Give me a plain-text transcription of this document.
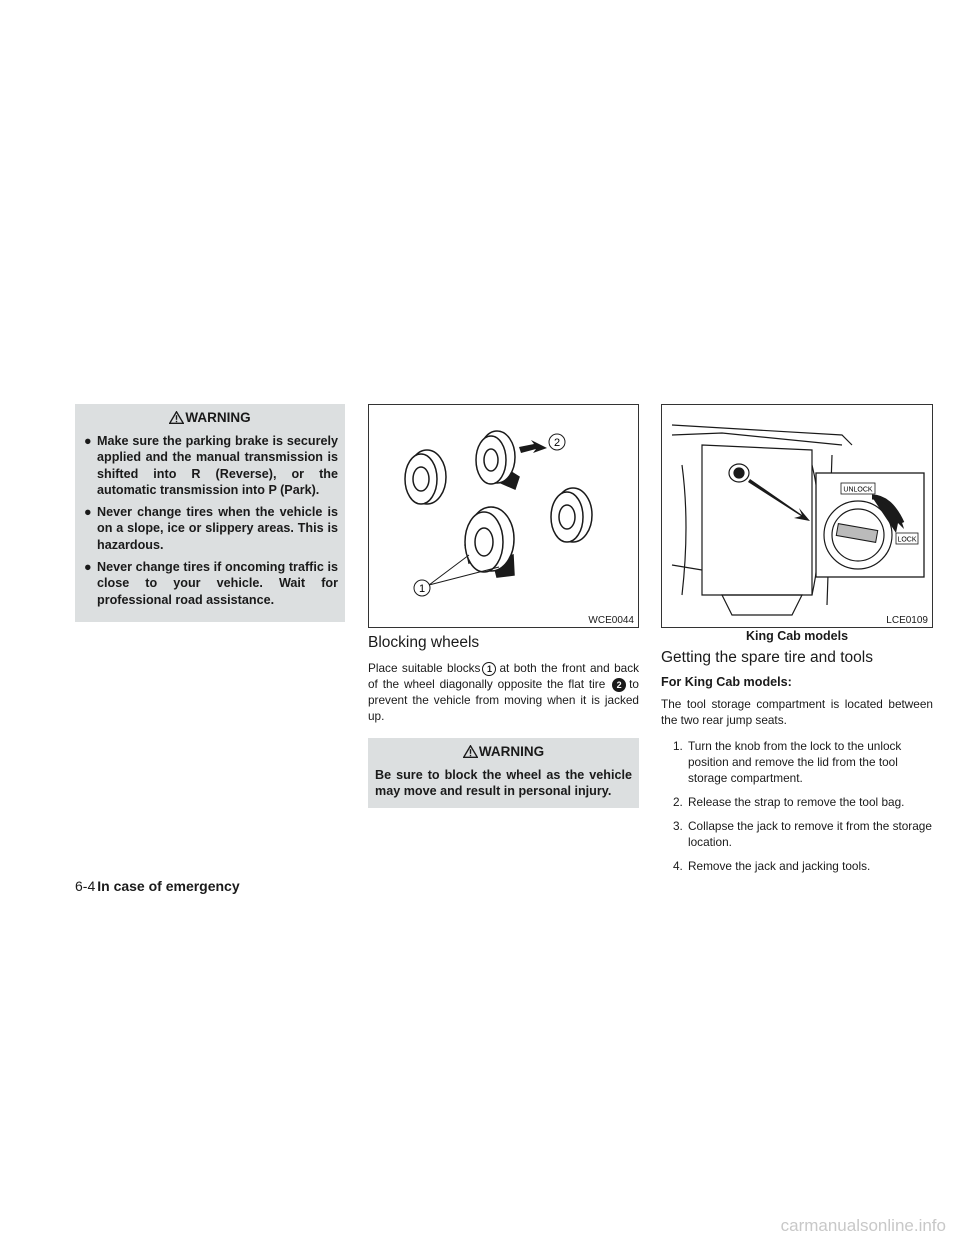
WARNING
● Make sure the parking brake is securely applied and the manual transmission is shifted into R (Reverse), or the automatic transmission into P (Park).
● Never change tires when the vehicle is on a slope, ice or slippery areas. This is hazardous.
● Never change tires if oncoming traffic is close to your vehicle. Wait for professional road assistance.
2
1
WCE0044
Blocking wheels

Place suitable blocks 1 at both the front and back of the wheel diagonally opposite the flat tire 2 to prevent the vehicle from moving when it is jacked up.

WARNING
Be sure to block the wheel as the vehicle may move and result in personal injury.
UNLOCK
LOCK
LCE0109
King Cab models
Getting the spare tire and tools
For King Cab models:

The tool storage compartment is located between the two rear jump seats.

1. Turn the knob from the lock to the unlock position and remove the lid from the tool storage compartment.
2. Release the strap to remove the tool bag.
3. Collapse the jack to remove it from the storage location.
4. Remove the jack and jacking tools.
6-4 In case of emergency
carmanualsonline.info
